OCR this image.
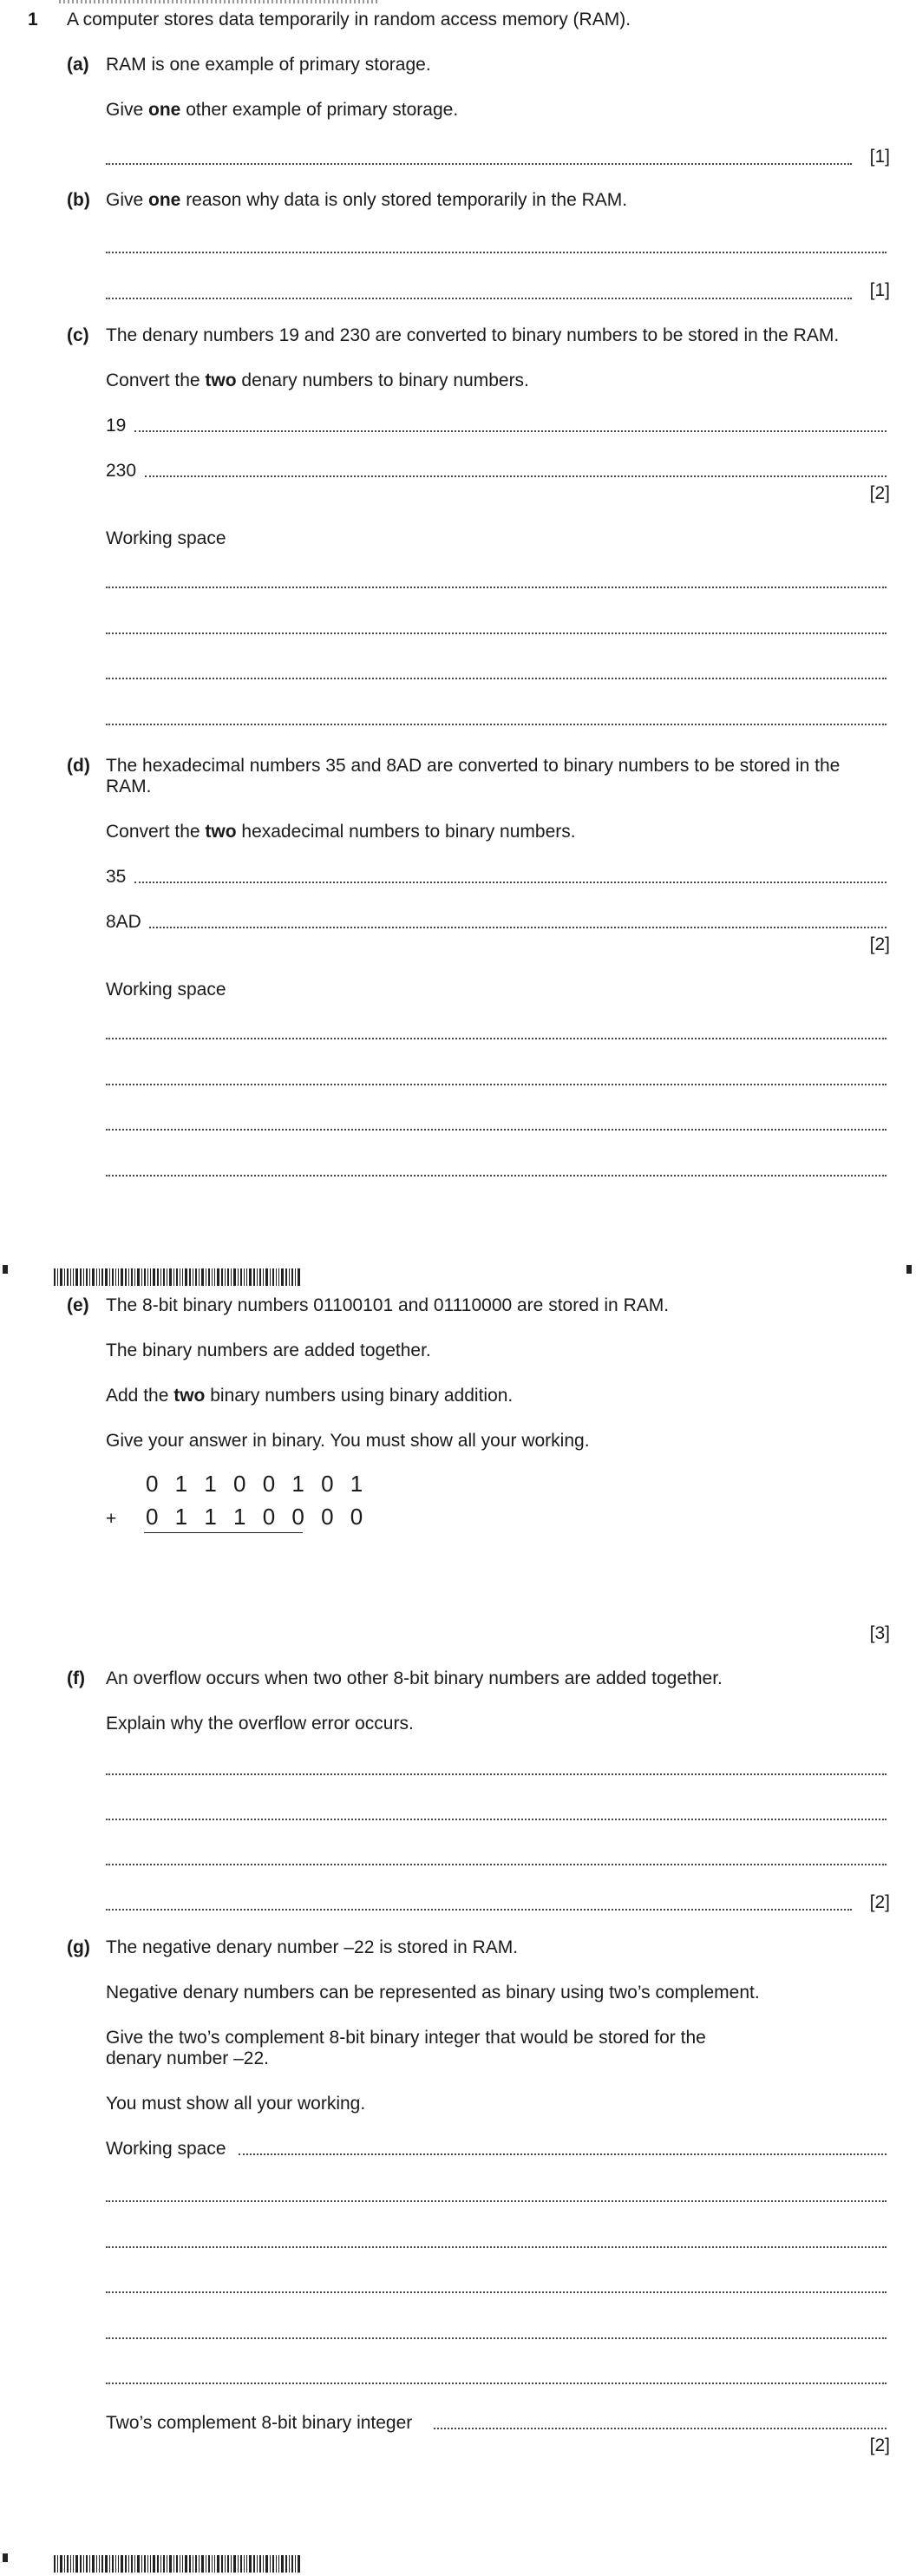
1 A computer stores data temporarily in random access memory (RAM).
(a) RAM is one example of primary storage.
Give one other example of primary storage.
[1]
(b) Give one reason why data is only stored temporarily in the RAM.
[1]
(c) The denary numbers 19 and 230 are converted to binary numbers to be stored in the RAM.
Convert the two denary numbers to binary numbers.
19
230
[2]
Working space
(d) The hexadecimal numbers 35 and 8AD are converted to binary numbers to be stored in the
RAM.
Convert the two hexadecimal numbers to binary numbers.
35
8AD
[2]
Working space
(e) The 8-bit binary numbers 01100101 and 01110000 are stored in RAM.
The binary numbers are added together.
Add the two binary numbers using binary addition.
Give your answer in binary. You must show all your working.
0 1 1 0 0 1 0 1
+ 0 1 1 1 0 0 0 0
[3]
(f) An overflow occurs when two other 8-bit binary numbers are added together.
Explain why the overflow error occurs.
[2]
(g) The negative denary number –22 is stored in RAM.
Negative denary numbers can be represented as binary using two’s complement.
Give the two’s complement 8-bit binary integer that would be stored for the
denary number –22.
You must show all your working.
Working space
Two’s complement 8-bit binary integer
[2]
